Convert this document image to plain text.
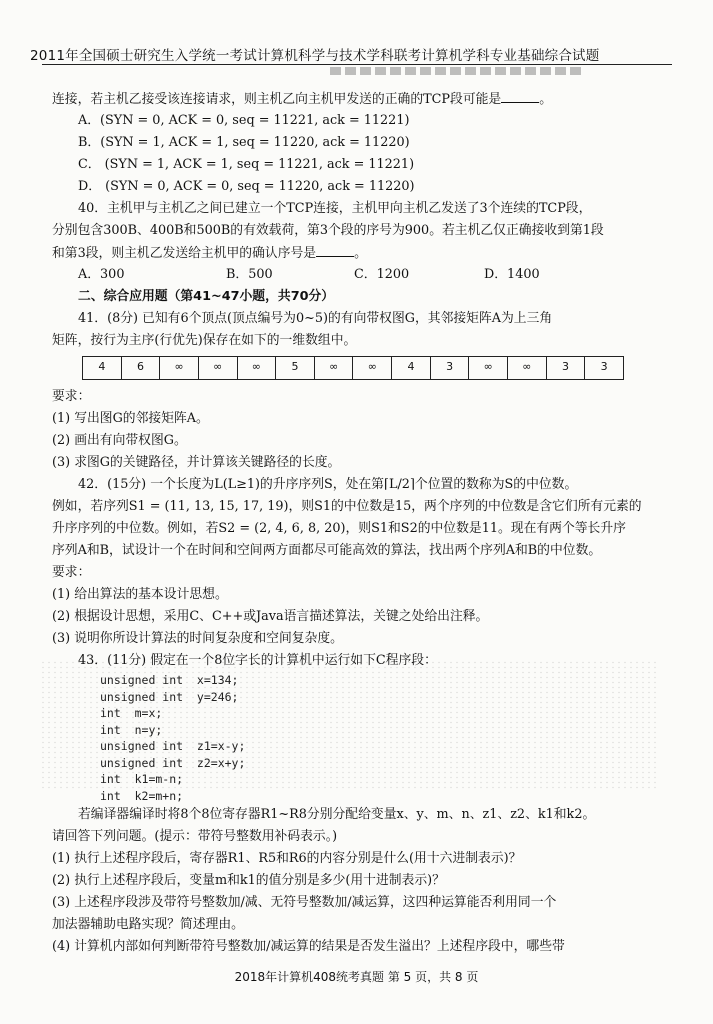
2011年全国硕士研究生入学统一考试计算机科学与技术学科联考计算机学科专业基础综合试题
连接，若主机乙接受该连接请求，则主机乙向主机甲发送的正确的TCP段可能是	。
A．(SYN = 0, ACK = 0, seq = 11221, ack = 11221)
B．(SYN = 1, ACK = 1, seq = 11220, ack = 11220)
C． (SYN = 1, ACK = 1, seq = 11221, ack = 11221)
D． (SYN = 0, ACK = 0, seq = 11220, ack = 11220)
40．主机甲与主机乙之间已建立一个TCP连接，主机甲向主机乙发送了3个连续的TCP段，
分别包含300B、400B和500B的有效载荷，第3个段的序号为900。若主机乙仅正确接收到第1段
和第3段，则主机乙发送给主机甲的确认序号是	。
A．300	B．500	C．1200	D．1400
二、综合应用题（第41~47小题，共70分）
41．(8分) 已知有6个顶点(顶点编号为0~5)的有向带权图G，其邻接矩阵A为上三角
矩阵，按行为主序(行优先)保存在如下的一维数组中。
4	6	∞	∞	∞	5	∞	∞	4	3	∞	∞	3	3
要求：
(1) 写出图G的邻接矩阵A。
(2) 画出有向带权图G。
(3) 求图G的关键路径，并计算该关键路径的长度。
42．(15分) 一个长度为L(L≥1)的升序序列S，处在第⌈L/2⌉个位置的数称为S的中位数。
例如，若序列S1 = (11, 13, 15, 17, 19)，则S1的中位数是15，两个序列的中位数是含它们所有元素的
升序序列的中位数。例如，若S2 = (2, 4, 6, 8, 20)，则S1和S2的中位数是11。现在有两个等长升序
序列A和B，试设计一个在时间和空间两方面都尽可能高效的算法，找出两个序列A和B的中位数。
要求：
(1) 给出算法的基本设计思想。
(2) 根据设计思想，采用C、C++或Java语言描述算法，关键之处给出注释。
(3) 说明你所设计算法的时间复杂度和空间复杂度。
43．(11分) 假定在一个8位字长的计算机中运行如下C程序段：
unsigned int  x=134;
unsigned int  y=246;
int  m=x;
int  n=y;
unsigned int  z1=x-y;
unsigned int  z2=x+y;
int  k1=m-n;
int  k2=m+n;
若编译器编译时将8个8位寄存器R1~R8分别分配给变量x、y、m、n、z1、z2、k1和k2。
请回答下列问题。(提示：带符号整数用补码表示。)
(1) 执行上述程序段后，寄存器R1、R5和R6的内容分别是什么(用十六进制表示)？
(2) 执行上述程序段后，变量m和k1的值分别是多少(用十进制表示)？
(3) 上述程序段涉及带符号整数加/减、无符号整数加/减运算，这四种运算能否利用同一个
加法器辅助电路实现？简述理由。
(4) 计算机内部如何判断带符号整数加/减运算的结果是否发生溢出？上述程序段中，哪些带
2018年计算机408统考真题 第 5 页，共 8 页
